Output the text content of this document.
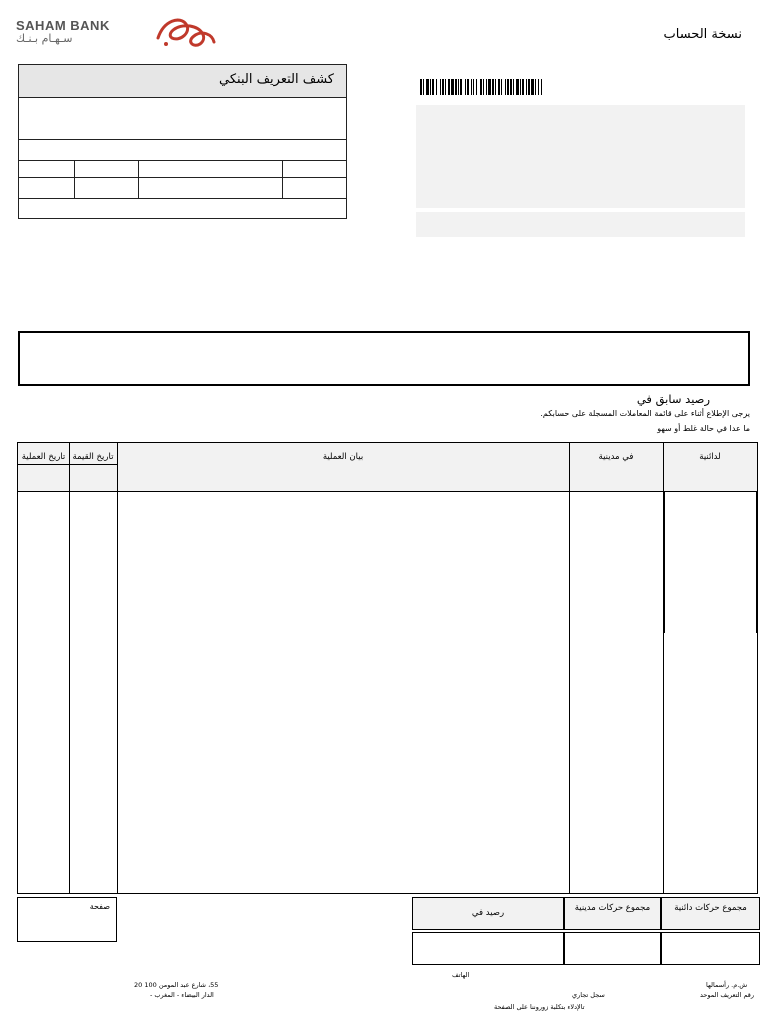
SAHAM BANK
سـهـام بـنـك	نسخة الحساب
كشف التعريف البنكي
رصيد سابق في
يرجى الإطلاع أثناء على قائمة المعاملات المسجلة على حسابكم.
ما عدا في حالة غلط أو سهو
تاريخ العملية تاريخ القيمة	بيان العملية	في مدينية	لدائنية
صفحة
رصيد في	مجموع حركات مدينية	مجموع حركات دائنية
الهاتف
55، شارع عبد المومن 100 20
الدار البيضاء - المغرب -	سجل تجاري
تالإدلاء بتكلبة زوروننا على الصفحة
ش.م. رأسمالها
رقم التعريف الموحد
